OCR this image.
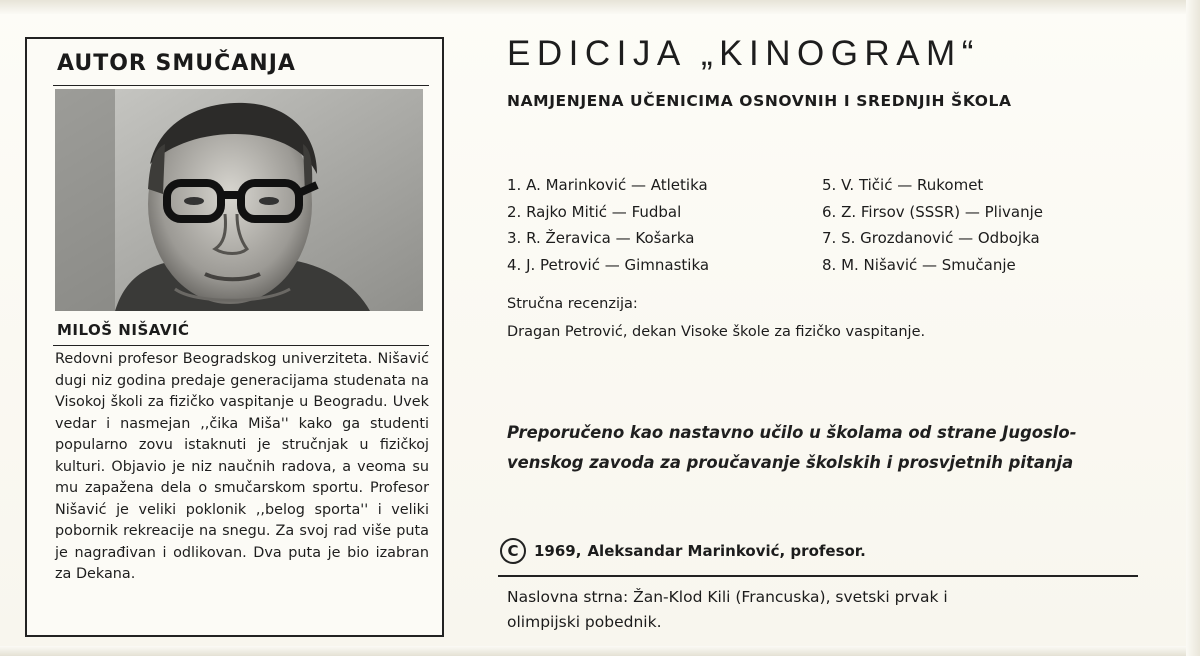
AUTOR SMUČANJA
MILOŠ NIŠAVIĆ
Redovni profesor Beogradskog univerziteta. Nišavić dugi niz godina predaje generacijama studenata na Visokoj školi za fizičko vaspitanje u Beogradu. Uvek vedar i nasmejan ,,čika Miša'' kako ga studenti popularno zovu istaknuti je stručnjak u fizičkoj kulturi. Objavio je niz naučnih radova, a veoma su mu zapažena dela o smučarskom sportu. Profesor Nišavić je veliki poklonik ,,belog sporta'' i veliki pobornik rekreacije na snegu. Za svoj rad više puta je nagrađivan i odlikovan. Dva puta je bio izabran za Dekana.
EDICIJA „KINOGRAM“
NAMJENJENA UČENICIMA OSNOVNIH I SREDNJIH ŠKOLA
1. A. Marinković — Atletika
2. Rajko Mitić — Fudbal
3. R. Žeravica — Košarka
4. J. Petrović — Gimnastika
5. V. Tičić — Rukomet
6. Z. Firsov (SSSR) — Plivanje
7. S. Grozdanović — Odbojka
8. M. Nišavić — Smučanje
Stručna recenzija:
Dragan Petrović, dekan Visoke škole za fizičko vaspitanje.
Preporučeno kao nastavno učilo u školama od strane Jugoslo-
venskog zavoda za proučavanje školskih i prosvjetnih pitanja
C	1969, Aleksandar Marinković, profesor.
Naslovna strna: Žan-Klod Kili (Francuska), svetski prvak i
olimpijski pobednik.
